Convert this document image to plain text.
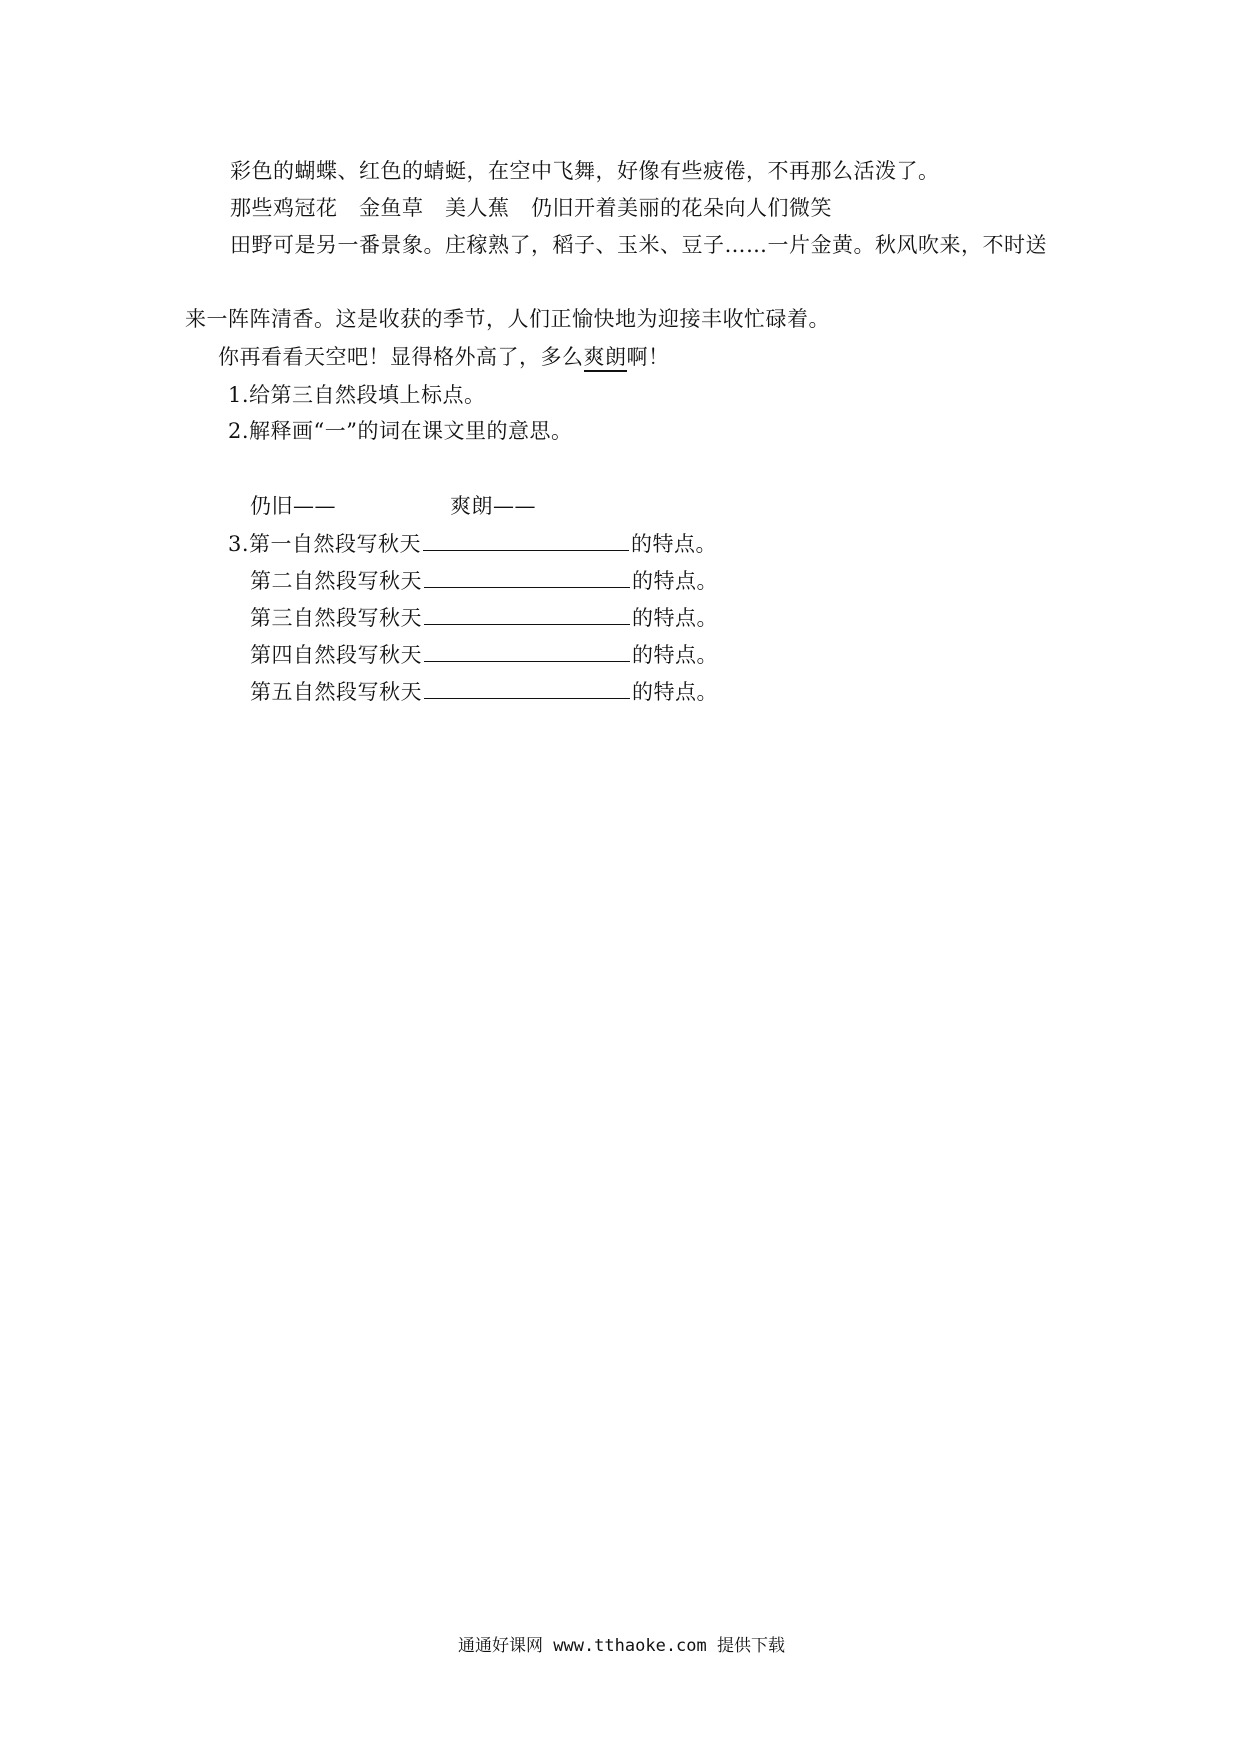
彩色的蝴蝶、红色的蜻蜓，在空中飞舞，好像有些疲倦，不再那么活泼了。
那些鸡冠花　金鱼草　美人蕉　仍旧开着美丽的花朵向人们微笑
田野可是另一番景象。庄稼熟了，稻子、玉米、豆子……一片金黄。秋风吹来，不时送
来一阵阵清香。这是收获的季节，人们正愉快地为迎接丰收忙碌着。
你再看看天空吧！显得格外高了，多么爽朗啊！
1.给第三自然段填上标点。
2.解释画“一”的词在课文里的意思。
仍旧——	爽朗——
3.第一自然段写秋天	的特点。
第二自然段写秋天	的特点。
第三自然段写秋天	的特点。
第四自然段写秋天	的特点。
第五自然段写秋天	的特点。
通通好课网 www.tthaoke.com 提供下载
